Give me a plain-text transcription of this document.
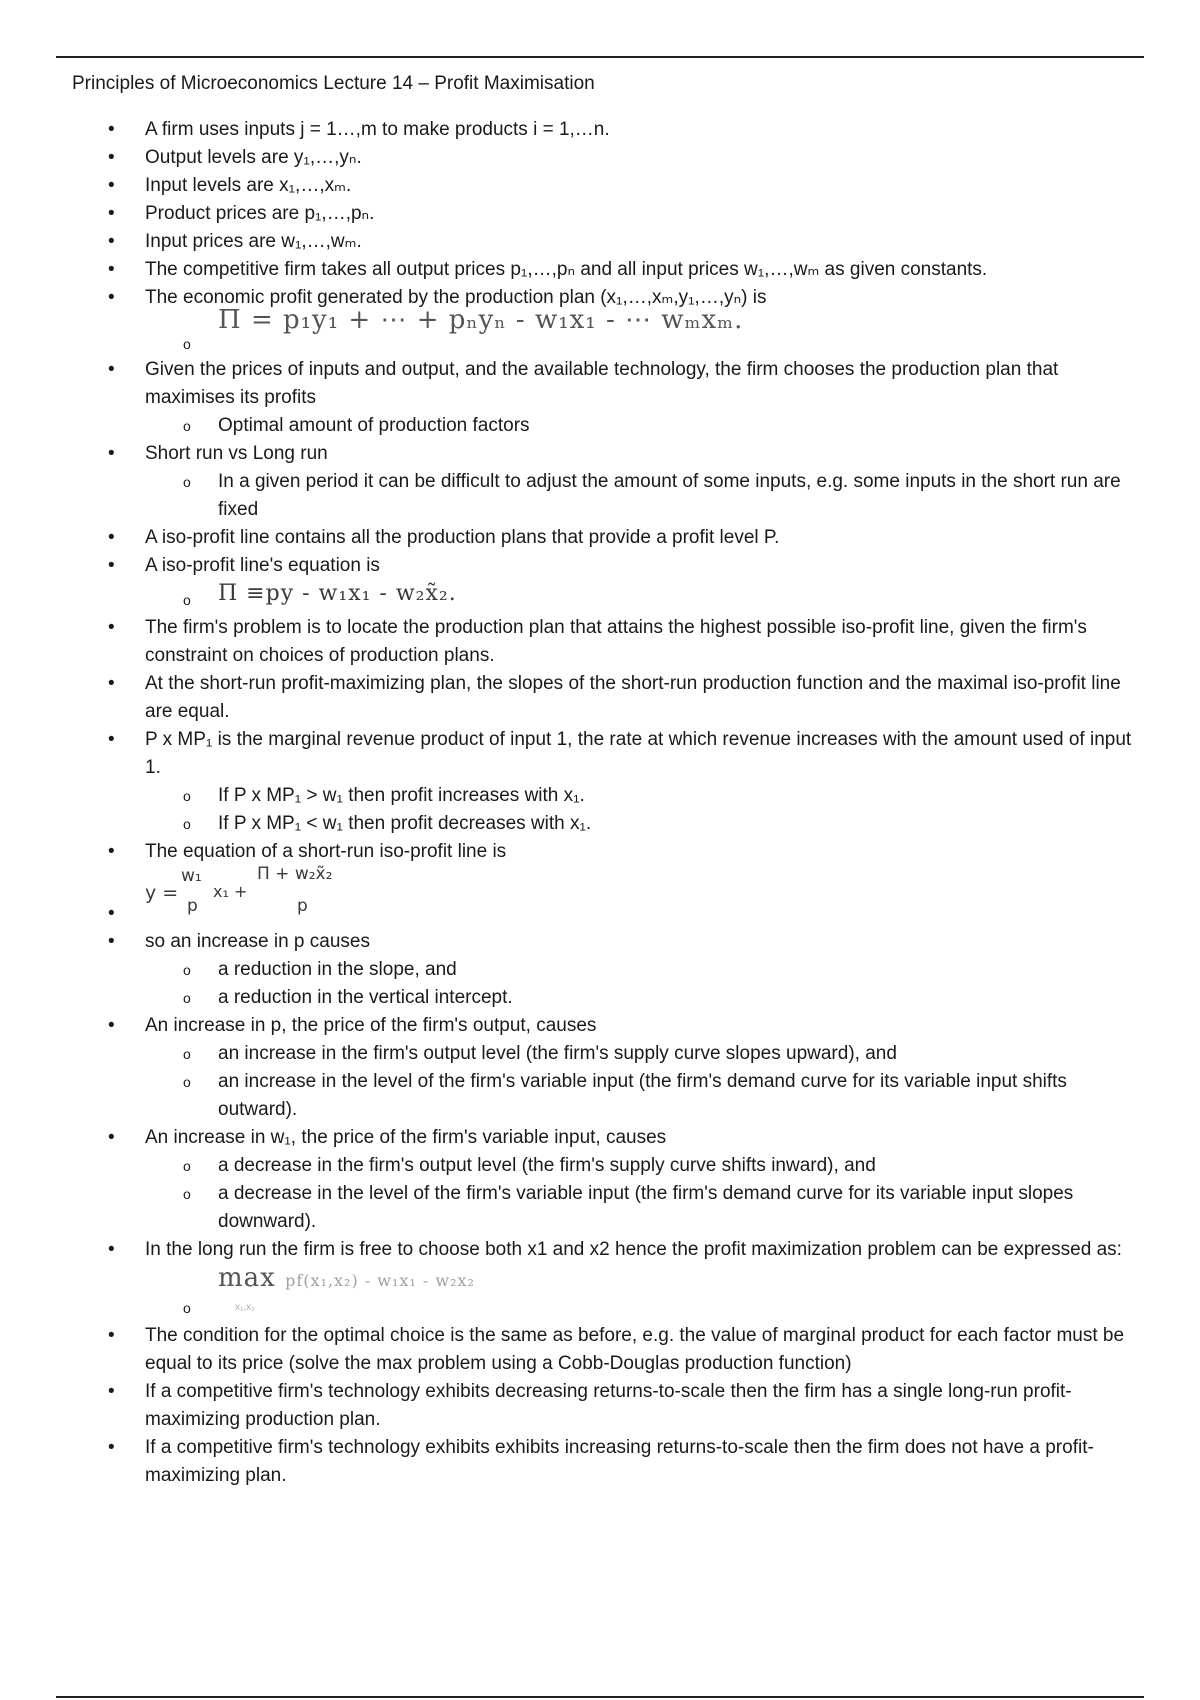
Principles of Microeconomics Lecture 14 – Profit Maximisation
• A firm uses inputs j = 1…,m to make products i = 1,…n.
• Output levels are y₁,…,yₙ.
• Input levels are x₁,…,xₘ.
• Product prices are p₁,…,pₙ.
• Input prices are w₁,…,wₘ.
• The competitive firm takes all output prices p₁,…,pₙ and all input prices w₁,…,wₘ as given constants.
• The economic profit generated by the production plan (x₁,…,xₘ,y₁,…,yₙ) is
o
Π = p₁y₁ + ⋯ + pₙyₙ - w₁x₁ - ⋯ wₘxₘ.
• Given the prices of inputs and output, and the available technology, the firm chooses the production plan that maximises its profits
o Optimal amount of production factors
• Short run vs Long run
o In a given period it can be difficult to adjust the amount of some inputs, e.g. some inputs in the short run are fixed
• A iso-profit line contains all the production plans that provide a profit level P.
• A iso-profit line's equation is
o Π ≡py - w₁x₁ - w₂x̃₂.
• The firm's problem is to locate the production plan that attains the highest possible iso-profit line, given the firm's constraint on choices of production plans.
• At the short-run profit-maximizing plan, the slopes of the short-run production function and the maximal iso-profit line are equal.
• P x MP₁ is the marginal revenue product of input 1, the rate at which revenue increases with the amount used of input 1.
o If P x MP₁ > w₁ then profit increases with x₁.
o If P x MP₁ < w₁ then profit decreases with x₁.
• The equation of a short-run iso-profit line is
y =
w₁
p
x₁ +
Π + w₂x̃₂
p
•
• so an increase in p causes
o a reduction in the slope, and
o a reduction in the vertical intercept.
• An increase in p, the price of the firm's output, causes
o an increase in the firm's output level (the firm's supply curve slopes upward), and
o an increase in the level of the firm's variable input (the firm's demand curve for its variable input shifts outward).
• An increase in w₁, the price of the firm's variable input, causes
o a decrease in the firm's output level (the firm's supply curve shifts inward), and
o a decrease in the level of the firm's variable input (the firm's demand curve for its variable input slopes downward).
• In the long run the firm is free to choose both x1 and x2 hence the profit maximization problem can be expressed as:
o
max pf(x₁,x₂) - w₁x₁ - w₂x₂
x₁,x₂
• The condition for the optimal choice is the same as before, e.g. the value of marginal product for each factor must be equal to its price (solve the max problem using a Cobb-Douglas production function)
• If a competitive firm's technology exhibits decreasing returns-to-scale then the firm has a single long-run profit-maximizing production plan.
• If a competitive firm's technology exhibits exhibits increasing returns-to-scale then the firm does not have a profit-maximizing plan.
